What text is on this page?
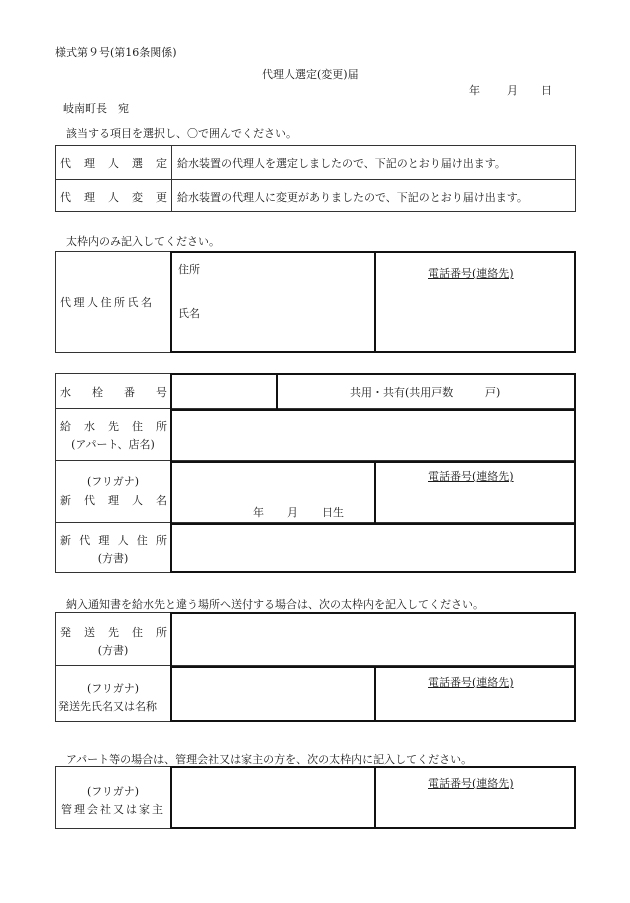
様式第９号(第16条関係)
代理人選定(変更)届
年 月 日
岐南町長　宛
該当する項目を選択し、〇で囲んでください。
代 理 人 選 定 給水装置の代理人を選定しましたので、下記のとおり届け出ます。
代 理 人 変 更 給水装置の代理人に変更がありましたので、下記のとおり届け出ます。
太枠内のみ記入してください。
代理人住所氏名
住所
氏名
電話番号(連絡先)
水 栓 番 号	共用・共有(共用戸数	戸)
給 水 先 住 所
(アパート、店名)
(フリガナ)
新 代 理 人 名
年 月 日生
電話番号(連絡先)
新 代 理 人 住 所
(方書)
納入通知書を給水先と違う場所へ送付する場合は、次の太枠内を記入してください。
発 送 先 住 所
(方書)
(フリガナ)
発送先氏名又は名称
電話番号(連絡先)
アパート等の場合は、管理会社又は家主の方を、次の太枠内に記入してください。
(フリガナ)
管理会社又は家主
電話番号(連絡先)
